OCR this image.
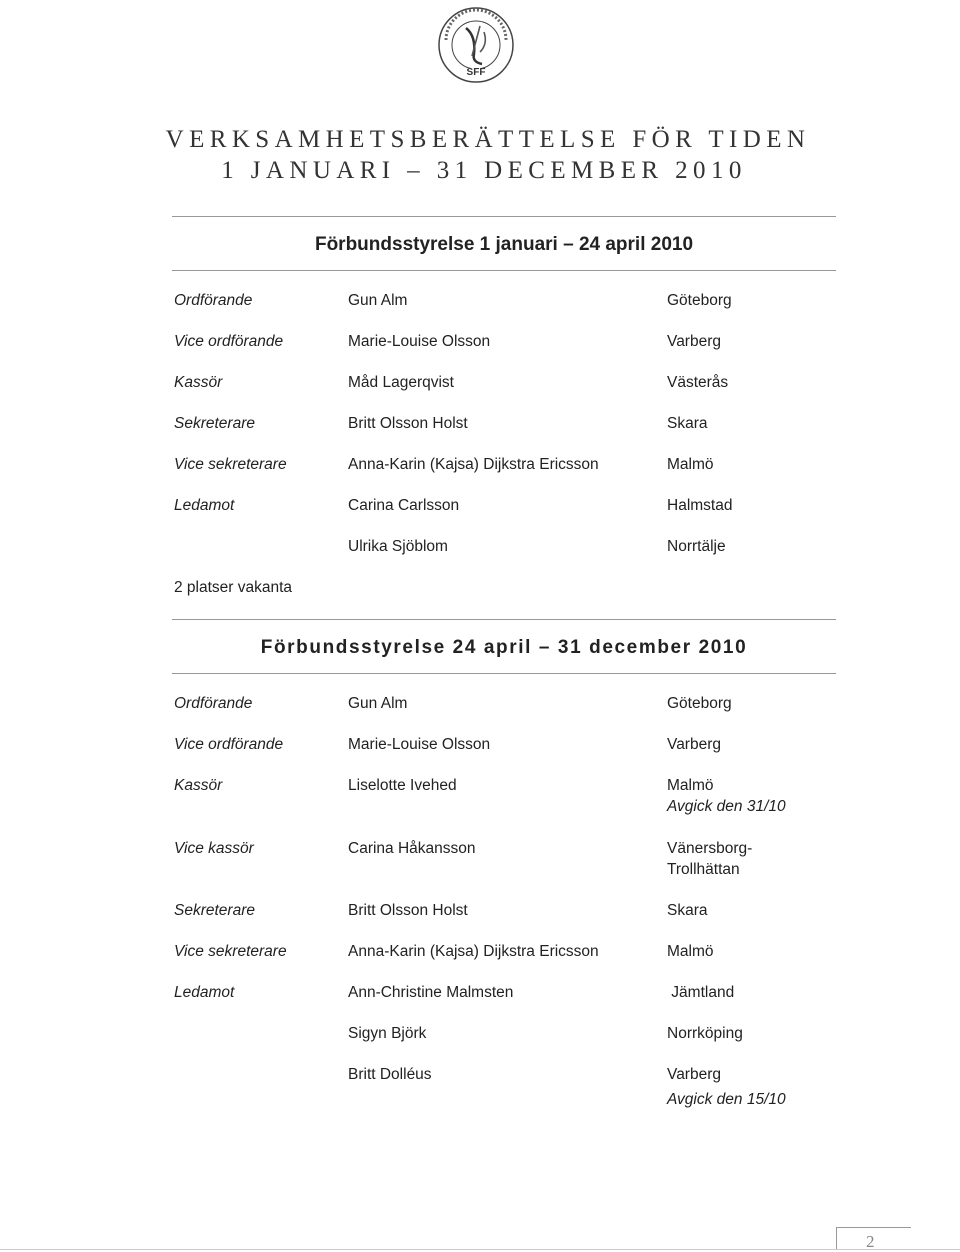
SFF
VERKSAMHETSBERÄTTELSE FÖR TIDEN
1 JANUARI – 31 DECEMBER 2010
Förbundsstyrelse 1 januari – 24 april 2010
Ordförande	Gun Alm	Göteborg
Vice ordförande	Marie-Louise Olsson	Varberg
Kassör	Måd Lagerqvist	Västerås
Sekreterare	Britt Olsson Holst	Skara
Vice sekreterare	Anna-Karin (Kajsa) Dijkstra Ericsson	Malmö
Ledamot	Carina Carlsson	Halmstad
Ulrika Sjöblom	Norrtälje
2 platser vakanta
Förbundsstyrelse 24 april – 31 december 2010
Ordförande	Gun Alm	Göteborg
Vice ordförande	Marie-Louise Olsson	Varberg
Kassör	Liselotte Ivehed	Malmö
Avgick den 31/10
Vice kassör	Carina Håkansson	Vänersborg-
Trollhättan
Sekreterare	Britt Olsson Holst	Skara
Vice sekreterare	Anna-Karin (Kajsa) Dijkstra Ericsson	Malmö
Ledamot	Ann-Christine Malmsten	Jämtland
Sigyn Björk	Norrköping
Britt Dolléus	Varberg
Avgick den 15/10
2
